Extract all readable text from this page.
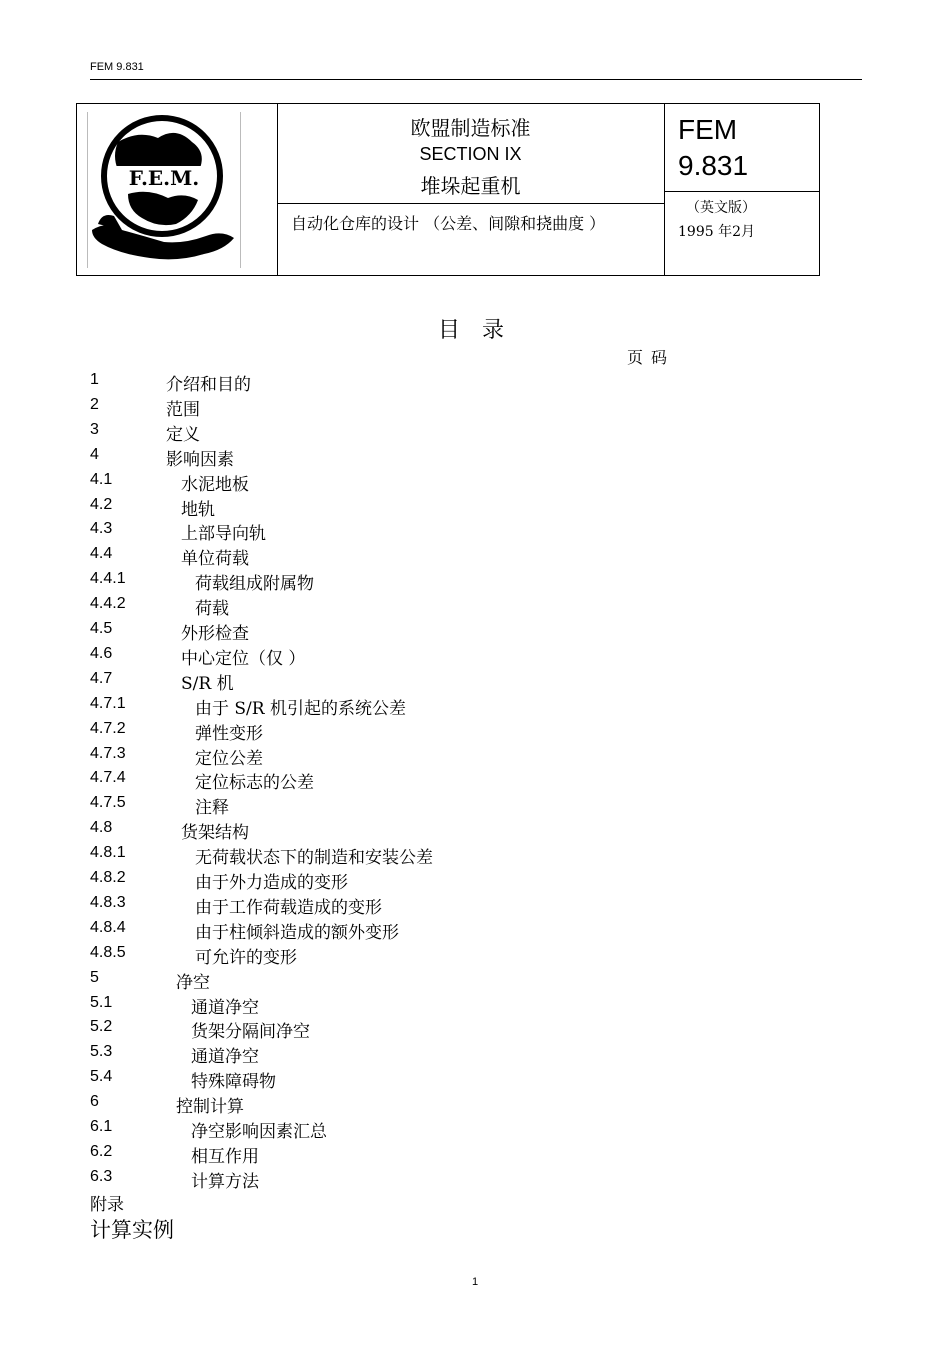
FEM 9.831
F.E.M.
欧盟制造标准
SECTION IX
堆垛起重机
自动化仓库的设计 （公差、间隙和挠曲度 ）
FEM
9.831
（英文版）
1995 年2月
目录
页码
1	介绍和目的
2	范围
3	定义
4	影响因素
4.1	水泥地板
4.2	地轨
4.3	上部导向轨
4.4	单位荷载
4.4.1	荷载组成附属物
4.4.2	荷载
4.5	外形检查
4.6	中心定位（仅 ）
4.7	S/R 机
4.7.1	由于 S/R 机引起的系统公差
4.7.2	弹性变形
4.7.3	定位公差
4.7.4	定位标志的公差
4.7.5	注释
4.8	货架结构
4.8.1	无荷载状态下的制造和安装公差
4.8.2	由于外力造成的变形
4.8.3	由于工作荷载造成的变形
4.8.4	由于柱倾斜造成的额外变形
4.8.5	可允许的变形
5	净空
5.1	通道净空
5.2	货架分隔间净空
5.3	通道净空
5.4	特殊障碍物
6	控制计算
6.1	净空影响因素汇总
6.2	相互作用
6.3	计算方法
附录
计算实例
1
